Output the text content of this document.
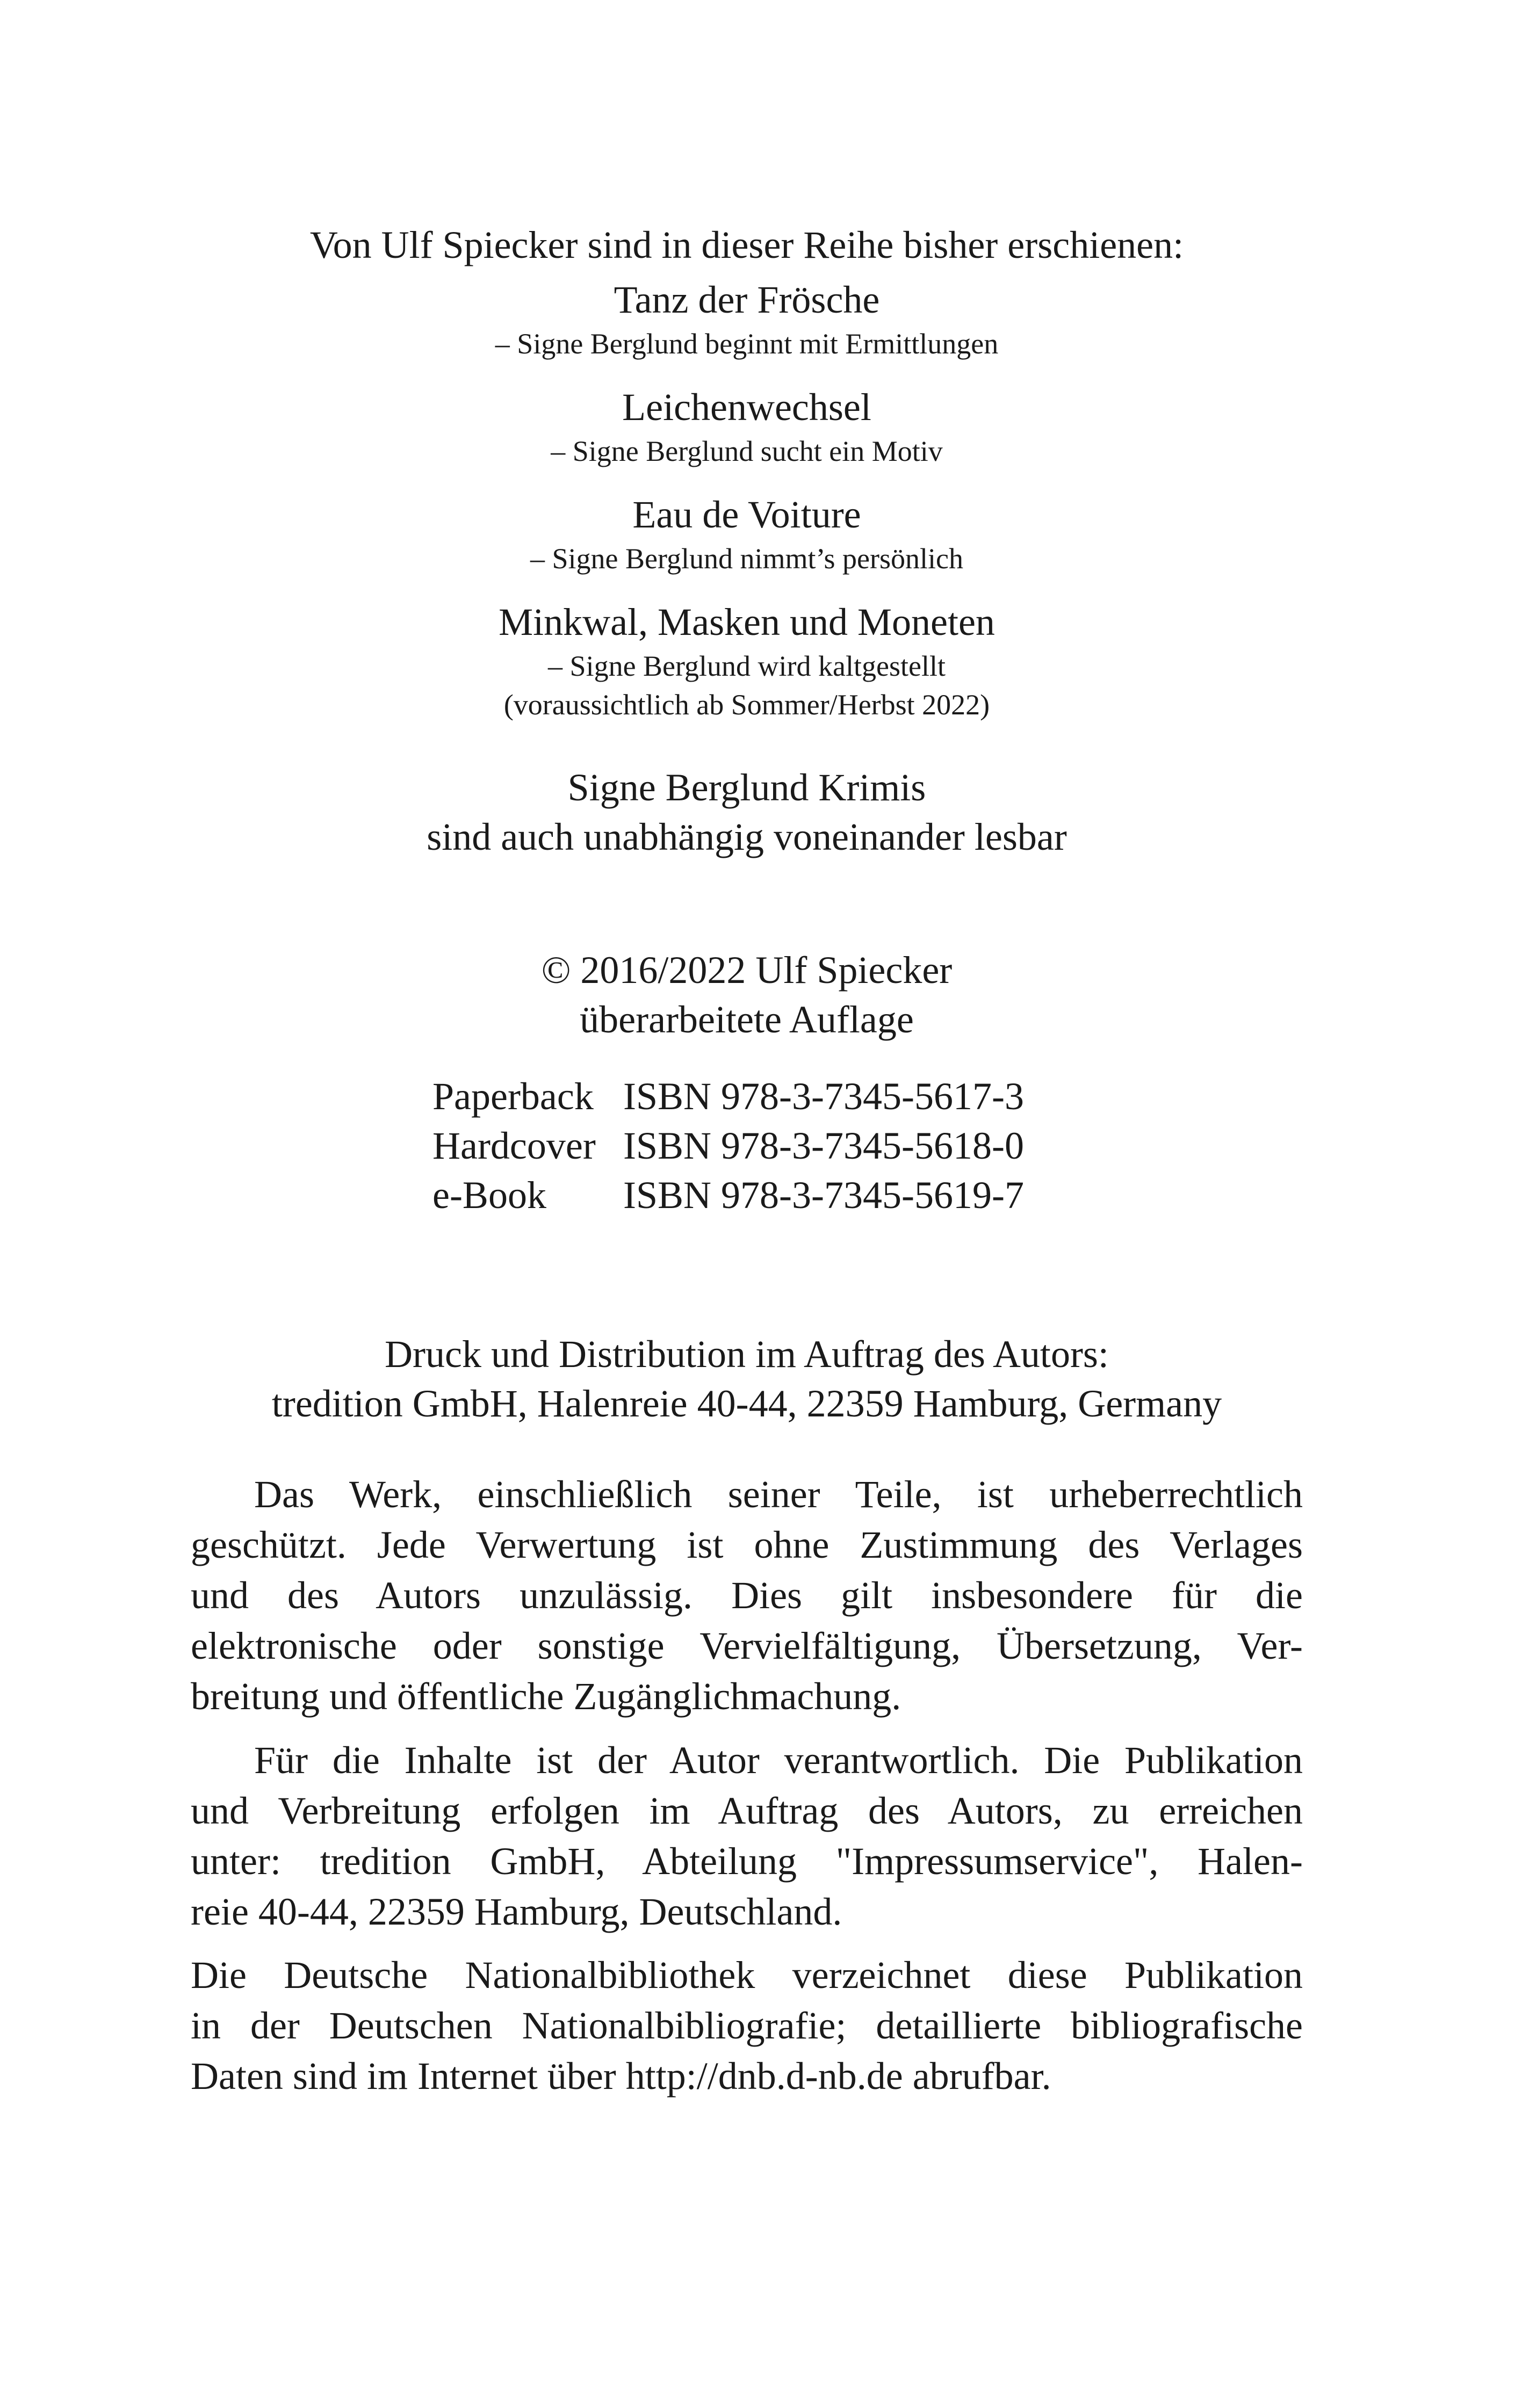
Von Ulf Spiecker sind in dieser Reihe bisher erschienen:
Tanz der Frösche
– Signe Berglund beginnt mit Ermittlungen
Leichenwechsel
– Signe Berglund sucht ein Motiv
Eau de Voiture
– Signe Berglund nimmt’s persönlich
Minkwal, Masken und Moneten
– Signe Berglund wird kaltgestellt
(voraussichtlich ab Sommer/Herbst 2022)
Signe Berglund Krimis
sind auch unabhängig voneinander lesbar
© 2016/2022 Ulf Spiecker
überarbeitete Auflage
Paperback ISBN 978-3-7345-5617-3
Hardcover ISBN 978-3-7345-5618-0
e-Book	ISBN 978-3-7345-5619-7
Druck und Distribution im Auftrag des Autors:
tredition GmbH, Halenreie 40-44, 22359 Hamburg, Germany
Das Werk, einschließlich seiner Teile, ist urheberrechtlich
geschützt. Jede Verwertung ist ohne Zustimmung des Verlages
und des Autors unzulässig. Dies gilt insbesondere für die
elektronische oder sonstige Vervielfältigung, Übersetzung, Ver-
breitung und öffentliche Zugänglichmachung.
Für die Inhalte ist der Autor verantwortlich. Die Publikation
und Verbreitung erfolgen im Auftrag des Autors, zu erreichen
unter: tredition GmbH, Abteilung "Impressumservice", Halen-
reie 40-44, 22359 Hamburg, Deutschland.
Die Deutsche Nationalbibliothek verzeichnet diese Publikation
in der Deutschen Nationalbibliografie; detaillierte bibliografische
Daten sind im Internet über http://dnb.d-nb.de abrufbar.
